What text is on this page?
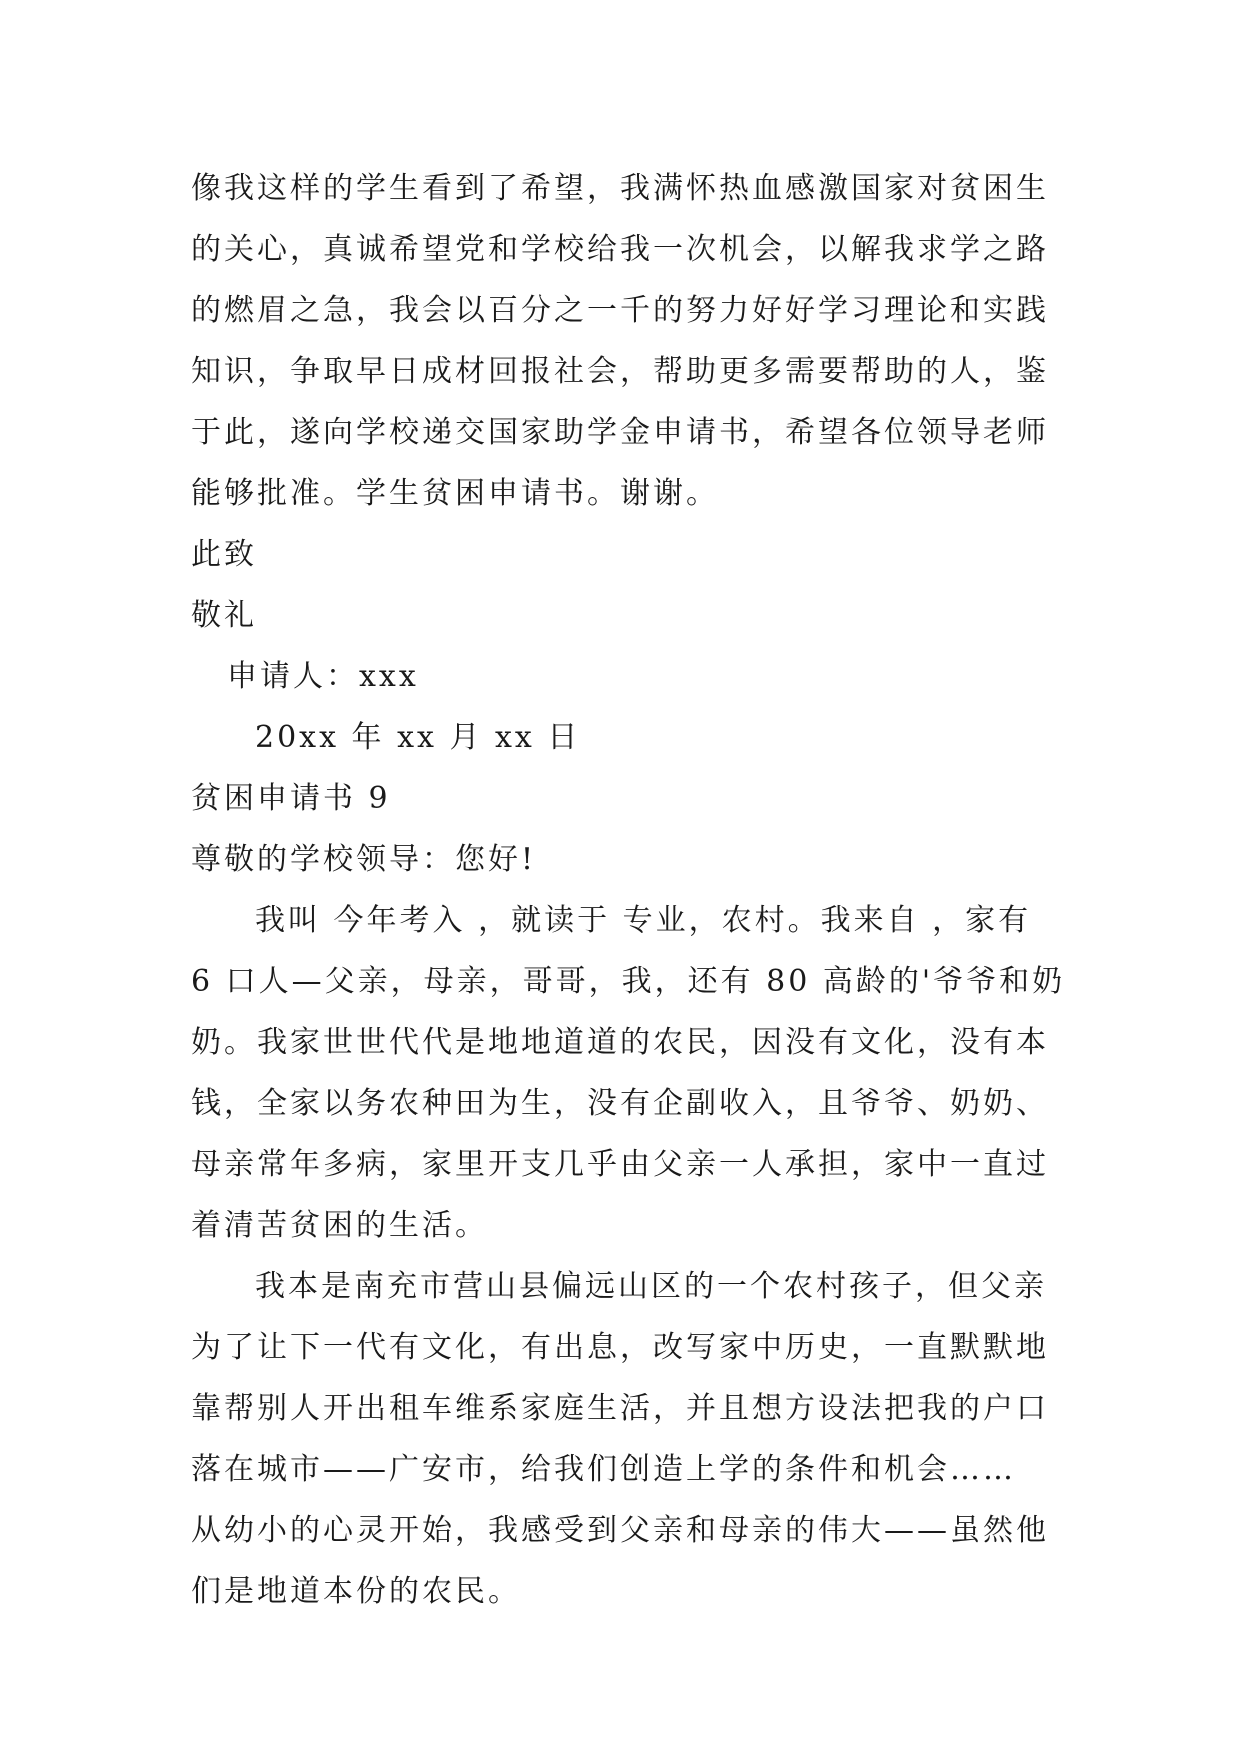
像我这样的学生看到了希望，我满怀热血感激国家对贫困生
的关心，真诚希望党和学校给我一次机会，以解我求学之路
的燃眉之急，我会以百分之一千的努力好好学习理论和实践
知识，争取早日成材回报社会，帮助更多需要帮助的人，鉴
于此，遂向学校递交国家助学金申请书，希望各位领导老师
能够批准。学生贫困申请书。谢谢。
此致
敬礼
申请人：xxx
20xx 年 xx 月 xx 日
贫困申请书 9
尊敬的学校领导：您好!
我叫 今年考入 ，就读于 专业，农村。我来自 ，家有
6 口人—父亲，母亲，哥哥，我，还有 80 高龄的'爷爷和奶
奶。我家世世代代是地地道道的农民，因没有文化，没有本
钱，全家以务农种田为生，没有企副收入，且爷爷、奶奶、
母亲常年多病，家里开支几乎由父亲一人承担，家中一直过
着清苦贫困的生活。
我本是南充市营山县偏远山区的一个农村孩子，但父亲
为了让下一代有文化，有出息，改写家中历史，一直默默地
靠帮别人开出租车维系家庭生活，并且想方设法把我的户口
落在城市——广安市，给我们创造上学的条件和机会……
从幼小的心灵开始，我感受到父亲和母亲的伟大——虽然他
们是地道本份的农民。
